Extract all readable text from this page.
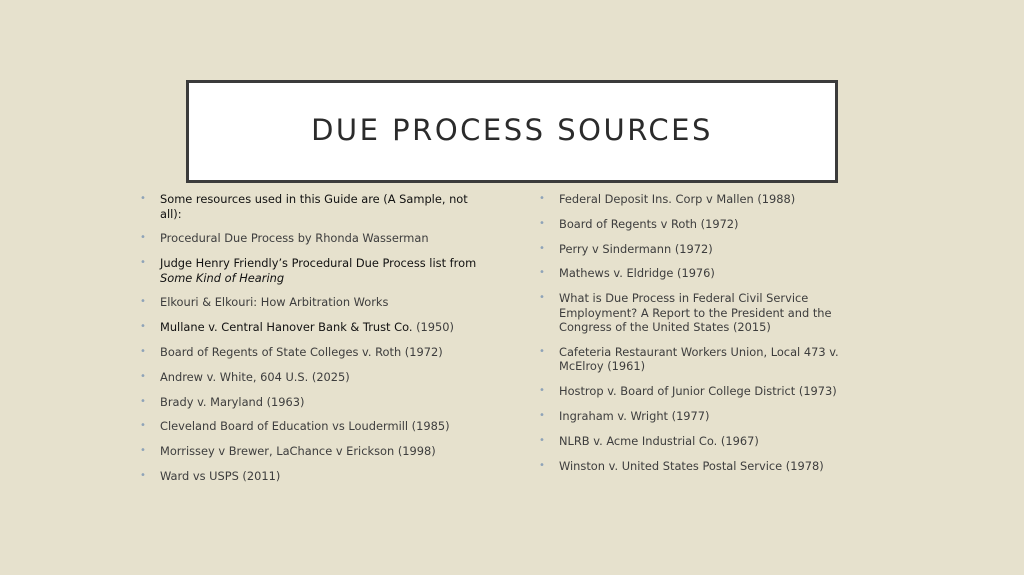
DUE PROCESS SOURCES
• Some resources used in this Guide are (A Sample, not all):
• Procedural Due Process by Rhonda Wasserman
• Judge Henry Friendly’s Procedural Due Process list from
Some Kind of Hearing
• Elkouri & Elkouri: How Arbitration Works
• Mullane v. Central Hanover Bank & Trust Co. (1950)
• Board of Regents of State Colleges v. Roth (1972)
• Andrew v. White, 604 U.S. (2025)
• Brady v. Maryland (1963)
• Cleveland Board of Education vs Loudermill (1985)
• Morrissey v Brewer, LaChance v Erickson (1998)
• Ward vs USPS (2011)
• Federal Deposit Ins. Corp v Mallen (1988)
• Board of Regents v Roth (1972)
• Perry v Sindermann (1972)
• Mathews v. Eldridge (1976)
• What is Due Process in Federal Civil Service Employment? A Report to the President and the Congress of the United States (2015)
• Cafeteria Restaurant Workers Union, Local 473 v. McElroy (1961)
• Hostrop v. Board of Junior College District (1973)
• Ingraham v. Wright (1977)
• NLRB v. Acme Industrial Co. (1967)
• Winston v. United States Postal Service (1978)
